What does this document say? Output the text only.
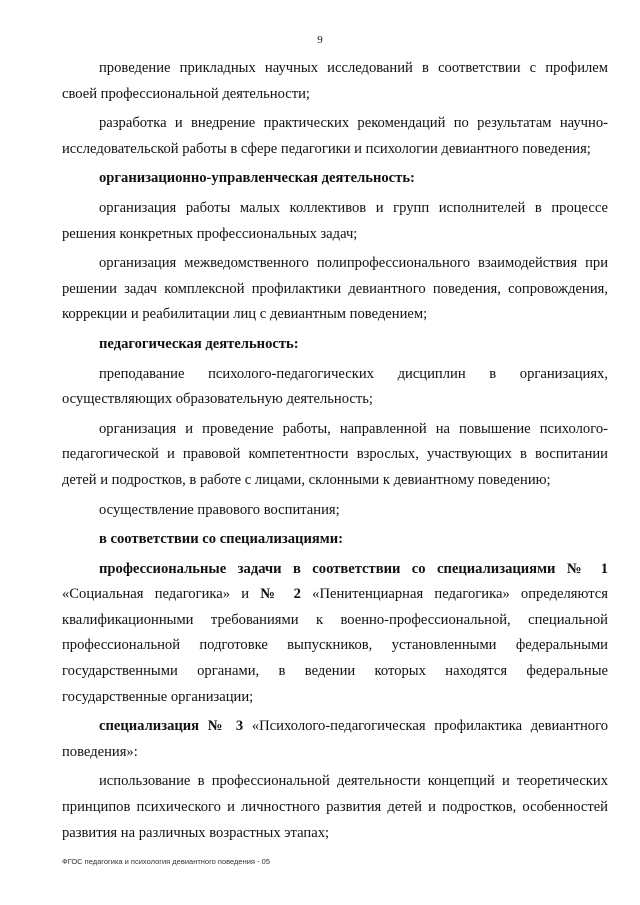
9

проведение прикладных научных исследований в соответствии с профилем своей профессиональной деятельности;

разработка и внедрение практических рекомендаций по результатам научно-исследовательской работы в сфере педагогики и психологии девиантного поведения;

организационно-управленческая деятельность:

организация работы малых коллективов и групп исполнителей в процессе решения конкретных профессиональных задач;

организация межведомственного полипрофессионального взаимодействия при решении задач комплексной профилактики девиантного поведения, сопровождения, коррекции и реабилитации лиц с девиантным поведением;

педагогическая деятельность:

преподавание психолого-педагогических дисциплин в организациях, осуществляющих образовательную деятельность;

организация и проведение работы, направленной на повышение психолого-педагогической и правовой компетентности взрослых, участвующих в воспитании детей и подростков, в работе с лицами, склонными к девиантному поведению;

осуществление правового воспитания;

в соответствии со специализациями:

профессиональные задачи в соответствии со специализациями № 1 «Социальная педагогика» и № 2 «Пенитенциарная педагогика» определяются квалификационными требованиями к военно-профессиональной, специальной профессиональной подготовке выпускников, установленными федеральными государственными органами, в ведении которых находятся федеральные государственные организации;

специализация № 3 «Психолого-педагогическая профилактика девиантного поведения»:

использование в профессиональной деятельности концепций и теоретических принципов психического и личностного развития детей и подростков, особенностей развития на различных возрастных этапах;

ФГОС педагогика и психология девиантного поведения - 05
